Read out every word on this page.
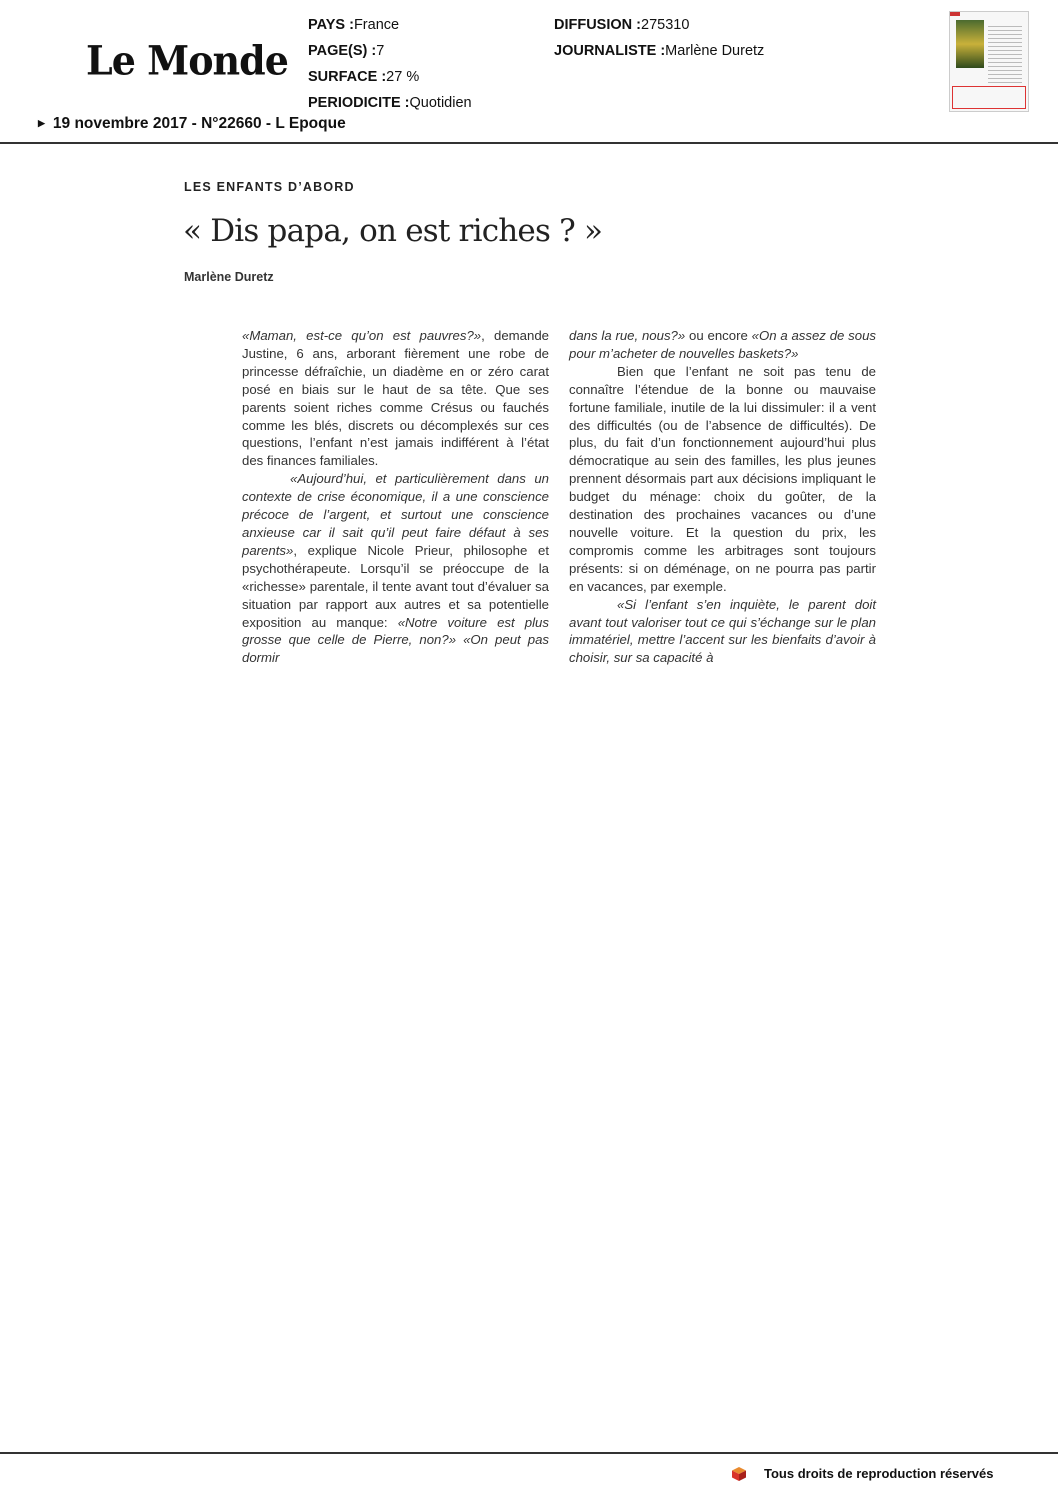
Le Monde
PAYS :France
PAGE(S) :7
SURFACE :27 %
PERIODICITE :Quotidien
DIFFUSION :275310
JOURNALISTE :Marlène Duretz
▶ 19 novembre 2017 - N°22660 - L Epoque
LES ENFANTS D’ABORD
« Dis papa, on est riches ? »
Marlène Duretz

«Maman, est-ce qu’on est pauvres?», demande Justine, 6 ans, arborant fièrement une robe de princesse défraîchie, un diadème en or zéro carat posé en biais sur le haut de sa tête. Que ses parents soient riches comme Crésus ou fauchés comme les blés, discrets ou décomplexés sur ces questions, l’enfant n’est jamais indifférent à l’état des finances familiales.

«Aujourd’hui, et particulièrement dans un contexte de crise économique, il a une conscience précoce de l’argent, et surtout une conscience anxieuse car il sait qu’il peut faire défaut à ses parents», explique Nicole Prieur, philosophe et psychothérapeute. Lorsqu’il se préoccupe de la «richesse» parentale, il tente avant tout d’évaluer sa situation par rapport aux autres et sa potentielle exposition au manque: «Notre voiture est plus grosse que celle de Pierre, non?» «On peut pas dormir

dans la rue, nous?» ou encore «On a assez de sous pour m’acheter de nouvelles baskets?»

Bien que l’enfant ne soit pas tenu de connaître l’étendue de la bonne ou mauvaise fortune familiale, inutile de la lui dissimuler: il a vent des difficultés (ou de l’absence de difficultés). De plus, du fait d’un fonctionnement aujourd’hui plus démocratique au sein des familles, les plus jeunes prennent désormais part aux décisions impliquant le budget du ménage: choix du goûter, de la destination des prochaines vacances ou d’une nouvelle voiture. Et la question du prix, les compromis comme les arbitrages sont toujours présents: si on déménage, on ne pourra pas partir en vacances, par exemple.

«Si l’enfant s’en inquiète, le parent doit avant tout valoriser tout ce qui s’échange sur le plan immatériel, mettre l’accent sur les bienfaits d’avoir à choisir, sur sa capacité à

Tous droits de reproduction réservés
